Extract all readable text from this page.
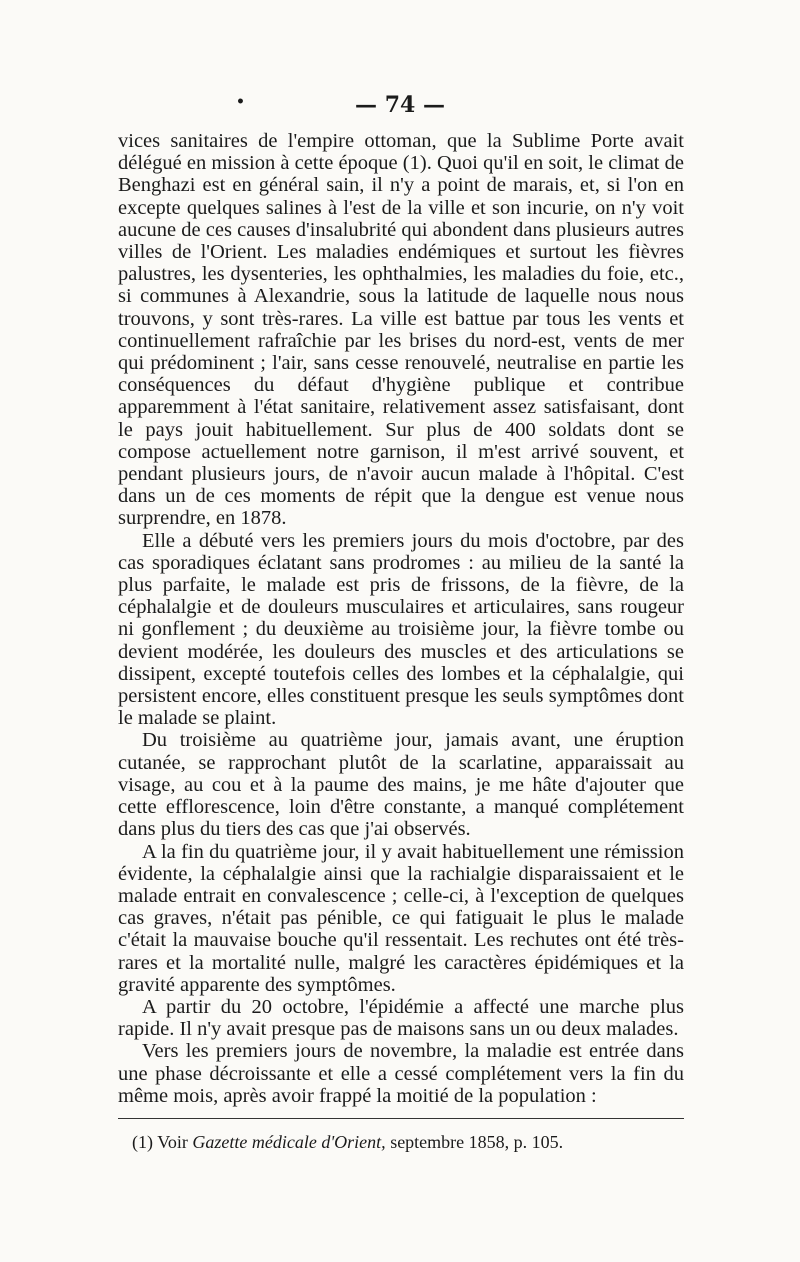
•	— 74 —

vices sanitaires de l'empire ottoman, que la Sublime Porte avait délégué en mission à cette époque (1). Quoi qu'il en soit, le climat de Benghazi est en général sain, il n'y a point de marais, et, si l'on en excepte quelques salines à l'est de la ville et son incurie, on n'y voit aucune de ces causes d'insalubrité qui abondent dans plusieurs autres villes de l'Orient. Les maladies endémiques et surtout les fièvres palustres, les dysenteries, les ophthalmies, les maladies du foie, etc., si communes à Alexandrie, sous la latitude de laquelle nous nous trouvons, y sont très-rares. La ville est battue par tous les vents et continuellement rafraîchie par les brises du nord-est, vents de mer qui prédominent ; l'air, sans cesse renouvelé, neutralise en partie les conséquences du défaut d'hygiène publique et contribue apparemment à l'état sanitaire, relativement assez satisfaisant, dont le pays jouit habituellement. Sur plus de 400 soldats dont se compose actuellement notre garnison, il m'est arrivé souvent, et pendant plusieurs jours, de n'avoir aucun malade à l'hôpital. C'est dans un de ces moments de répit que la dengue est venue nous surprendre, en 1878.

Elle a débuté vers les premiers jours du mois d'octobre, par des cas sporadiques éclatant sans prodromes : au milieu de la santé la plus parfaite, le malade est pris de frissons, de la fièvre, de la céphalalgie et de douleurs musculaires et articulaires, sans rougeur ni gonflement ; du deuxième au troisième jour, la fièvre tombe ou devient modérée, les douleurs des muscles et des articulations se dissipent, excepté toutefois celles des lombes et la céphalalgie, qui persistent encore, elles constituent presque les seuls symptômes dont le malade se plaint.

Du troisième au quatrième jour, jamais avant, une éruption cutanée, se rapprochant plutôt de la scarlatine, apparaissait au visage, au cou et à la paume des mains, je me hâte d'ajouter que cette efflorescence, loin d'être constante, a manqué complétement dans plus du tiers des cas que j'ai observés.

A la fin du quatrième jour, il y avait habituellement une rémission évidente, la céphalalgie ainsi que la rachialgie disparaissaient et le malade entrait en convalescence ; celle-ci, à l'exception de quelques cas graves, n'était pas pénible, ce qui fatiguait le plus le malade c'était la mauvaise bouche qu'il ressentait. Les rechutes ont été très-rares et la mortalité nulle, malgré les caractères épidémiques et la gravité apparente des symptômes.

A partir du 20 octobre, l'épidémie a affecté une marche plus rapide. Il n'y avait presque pas de maisons sans un ou deux malades.

Vers les premiers jours de novembre, la maladie est entrée dans une phase décroissante et elle a cessé complétement vers la fin du même mois, après avoir frappé la moitié de la population :

(1) Voir Gazette médicale d'Orient, septembre 1858, p. 105.
